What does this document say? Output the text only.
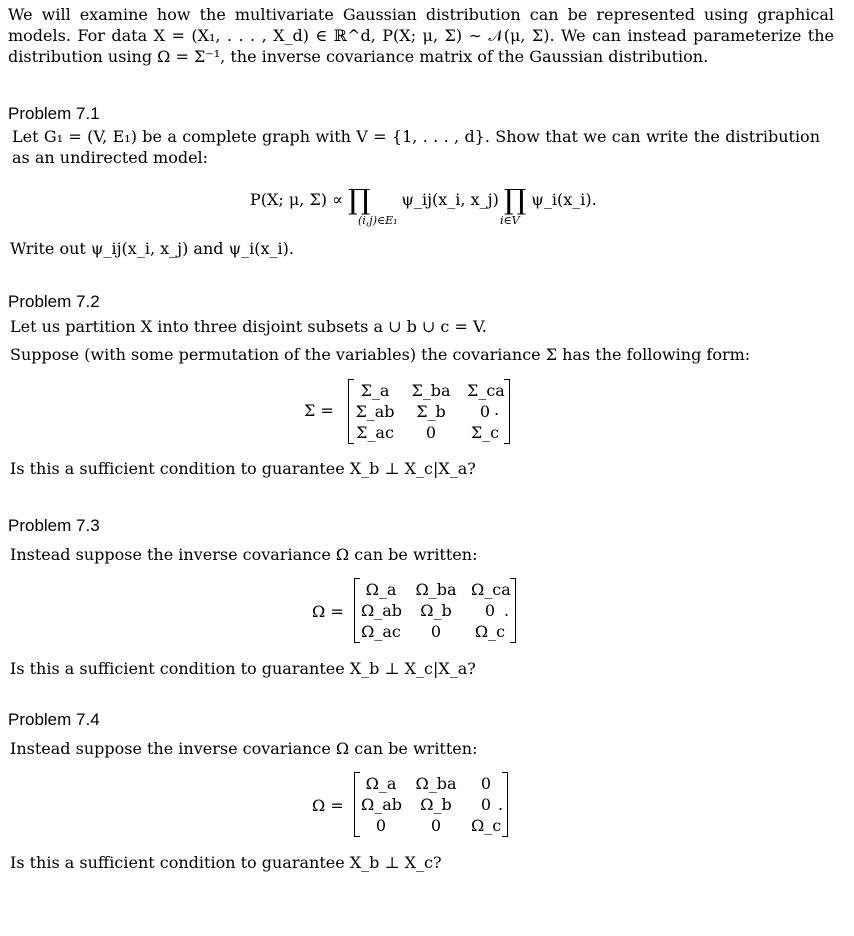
We will examine how the multivariate Gaussian distribution can be represented using graphical models. For data X = (X₁, . . . , X_d) ∈ ℝ^d, P(X; μ, Σ) ∼ 𝒩(μ, Σ). We can instead parameterize the distribution using Ω = Σ⁻¹, the inverse covariance matrix of the Gaussian distribution.
Problem 7.1
Let G₁ = (V, E₁) be a complete graph with V = {1, . . . , d}. Show that we can write the distribution as an undirected model:
P(X; μ, Σ) ∝ ∏ ψ_ij(x_i, x_j) ∏ ψ_i(x_i).
(i,j)∈E₁	i∈V
Write out ψ_ij(x_i, x_j) and ψ_i(x_i).
Problem 7.2
Let us partition X into three disjoint subsets a ∪ b ∪ c = V.
Suppose (with some permutation of the variables) the covariance Σ has the following form:
Σ =
Σ_a	Σ_ba Σ_ca
Σ_ab	Σ_b	0
Σ_ac	0	Σ_c
.
Is this a sufficient condition to guarantee X_b ⊥ X_c|X_a?
Problem 7.3
Instead suppose the inverse covariance Ω can be written:
Ω =
Ω_a Ω_ba Ω_ca
Ω_ab	Ω_b	0
Ω_ac	0	Ω_c
.
Is this a sufficient condition to guarantee X_b ⊥ X_c|X_a?
Problem 7.4
Instead suppose the inverse covariance Ω can be written:
Ω =
Ω_a Ω_ba	0
Ω_ab	Ω_b	0
0	0	Ω_c
.
Is this a sufficient condition to guarantee X_b ⊥ X_c?
